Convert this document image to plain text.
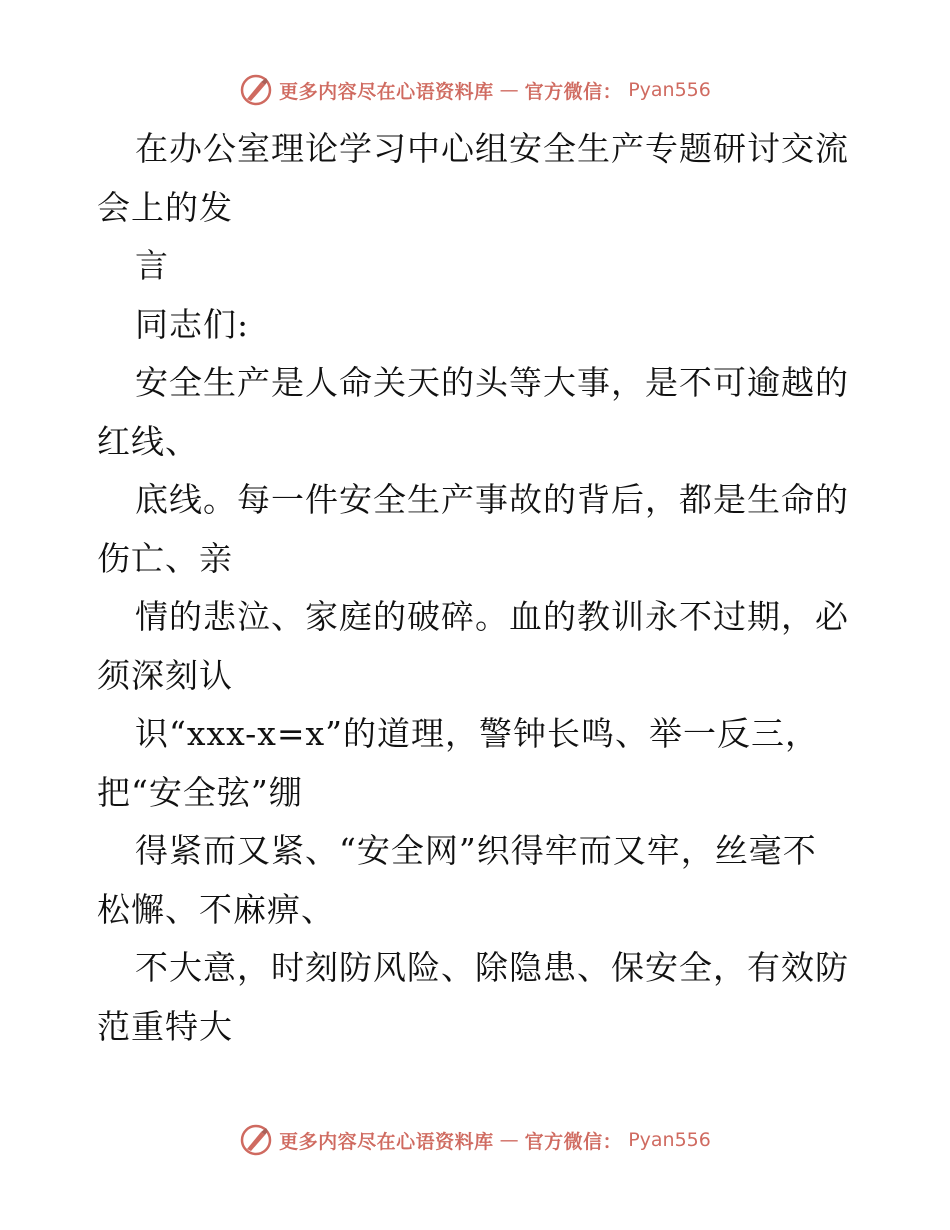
更多内容尽在心语资料库 — 官方微信： Pyan556
在办公室理论学习中心组安全生产专题研讨交流
会上的发
言
同志们:
安全生产是人命关天的头等大事，是不可逾越的
红线、
底线。每一件安全生产事故的背后，都是生命的
伤亡、亲
情的悲泣、家庭的破碎。血的教训永不过期，必
须深刻认
识“xxx-x=x”的道理，警钟长鸣、举一反三，
把“安全弦”绷
得紧而又紧、“安全网”织得牢而又牢，丝毫不
松懈、不麻痹、
不大意，时刻防风险、除隐患、保安全，有效防
范重特大
更多内容尽在心语资料库 — 官方微信： Pyan556
